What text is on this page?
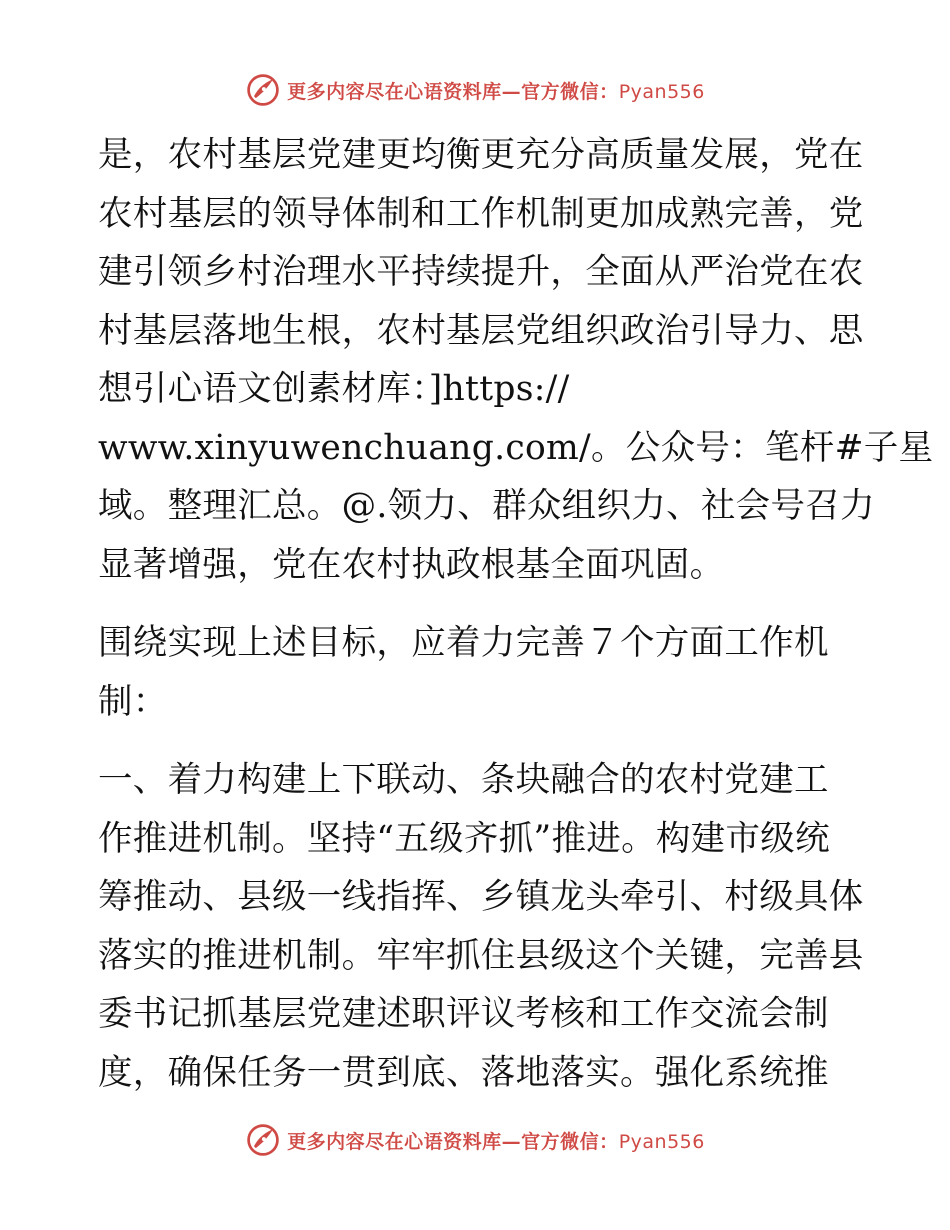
更多内容尽在心语资料库—官方微信：Pyan556
是，农村基层党建更均衡更充分高质量发展，党在
农村基层的领导体制和工作机制更加成熟完善，党
建引领乡村治理水平持续提升，全面从严治党在农
村基层落地生根，农村基层党组织政治引导力、思
想引心语文创素材库：]https://
www.xinyuwenchuang.com/。公众号：笔杆#子星
域。整理汇总。@.领力、群众组织力、社会号召力
显著增强，党在农村执政根基全面巩固。
围绕实现上述目标，应着力完善７个方面工作机
制：
一、着力构建上下联动、条块融合的农村党建工
作推进机制。坚持“五级齐抓”推进。构建市级统
筹推动、县级一线指挥、乡镇龙头牵引、村级具体
落实的推进机制。牢牢抓住县级这个关键，完善县
委书记抓基层党建述职评议考核和工作交流会制
度，确保任务一贯到底、落地落实。强化系统推
更多内容尽在心语资料库—官方微信：Pyan556
